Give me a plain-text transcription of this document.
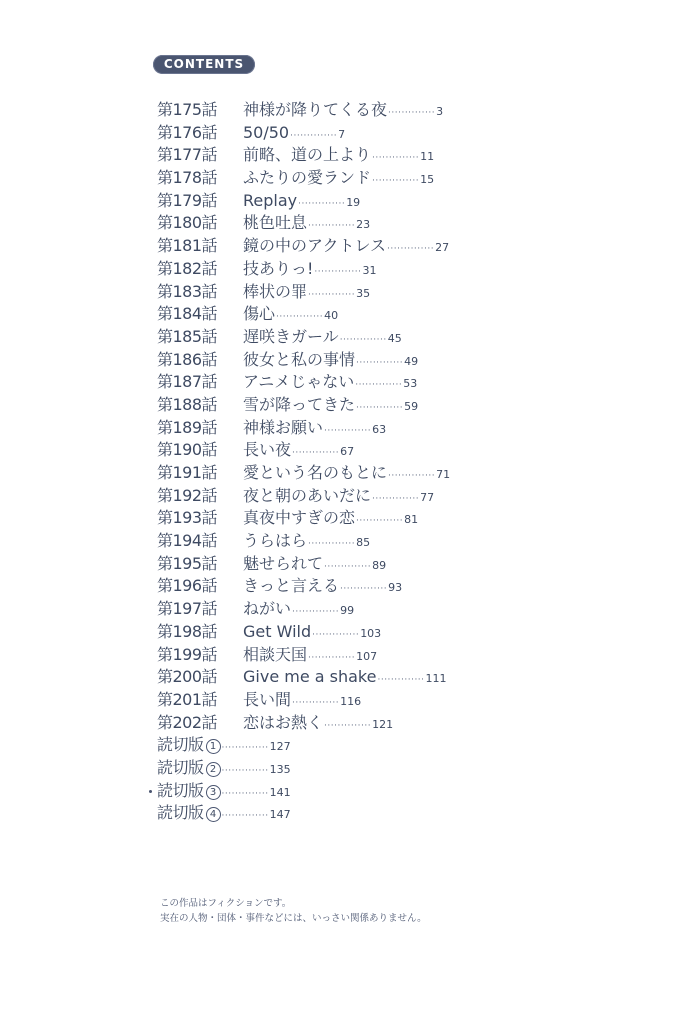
CONTENTS
第175話	神様が降りてくる夜 ·············· 3
第176話	50/50 ·············· 7
第177話	前略、道の上より ·············· 11
第178話	ふたりの愛ランド ·············· 15
第179話	Replay ·············· 19
第180話	桃色吐息 ·············· 23
第181話	鏡の中のアクトレス ·············· 27
第182話	技ありっ! ·············· 31
第183話	棒状の罪 ·············· 35
第184話	傷心 ·············· 40
第185話	遅咲きガール ·············· 45
第186話	彼女と私の事情 ·············· 49
第187話	アニメじゃない ·············· 53
第188話	雪が降ってきた ·············· 59
第189話	神様お願い ·············· 63
第190話	長い夜 ·············· 67
第191話	愛という名のもとに ·············· 71
第192話	夜と朝のあいだに ·············· 77
第193話	真夜中すぎの恋 ·············· 81
第194話	うらはら ·············· 85
第195話	魅せられて ·············· 89
第196話	きっと言える ·············· 93
第197話	ねがい ·············· 99
第198話	Get Wild ·············· 103
第199話	相談天国 ·············· 107
第200話	Give me a shake ·············· 111
第201話	長い間 ·············· 116
第202話	恋はお熱く ·············· 121
読切版 1 ·············· 127
読切版 2 ·············· 135
読切版 3 ·············· 141
読切版 4 ·············· 147
この作品はフィクションです。
実在の人物・団体・事件などには、いっさい関係ありません。
